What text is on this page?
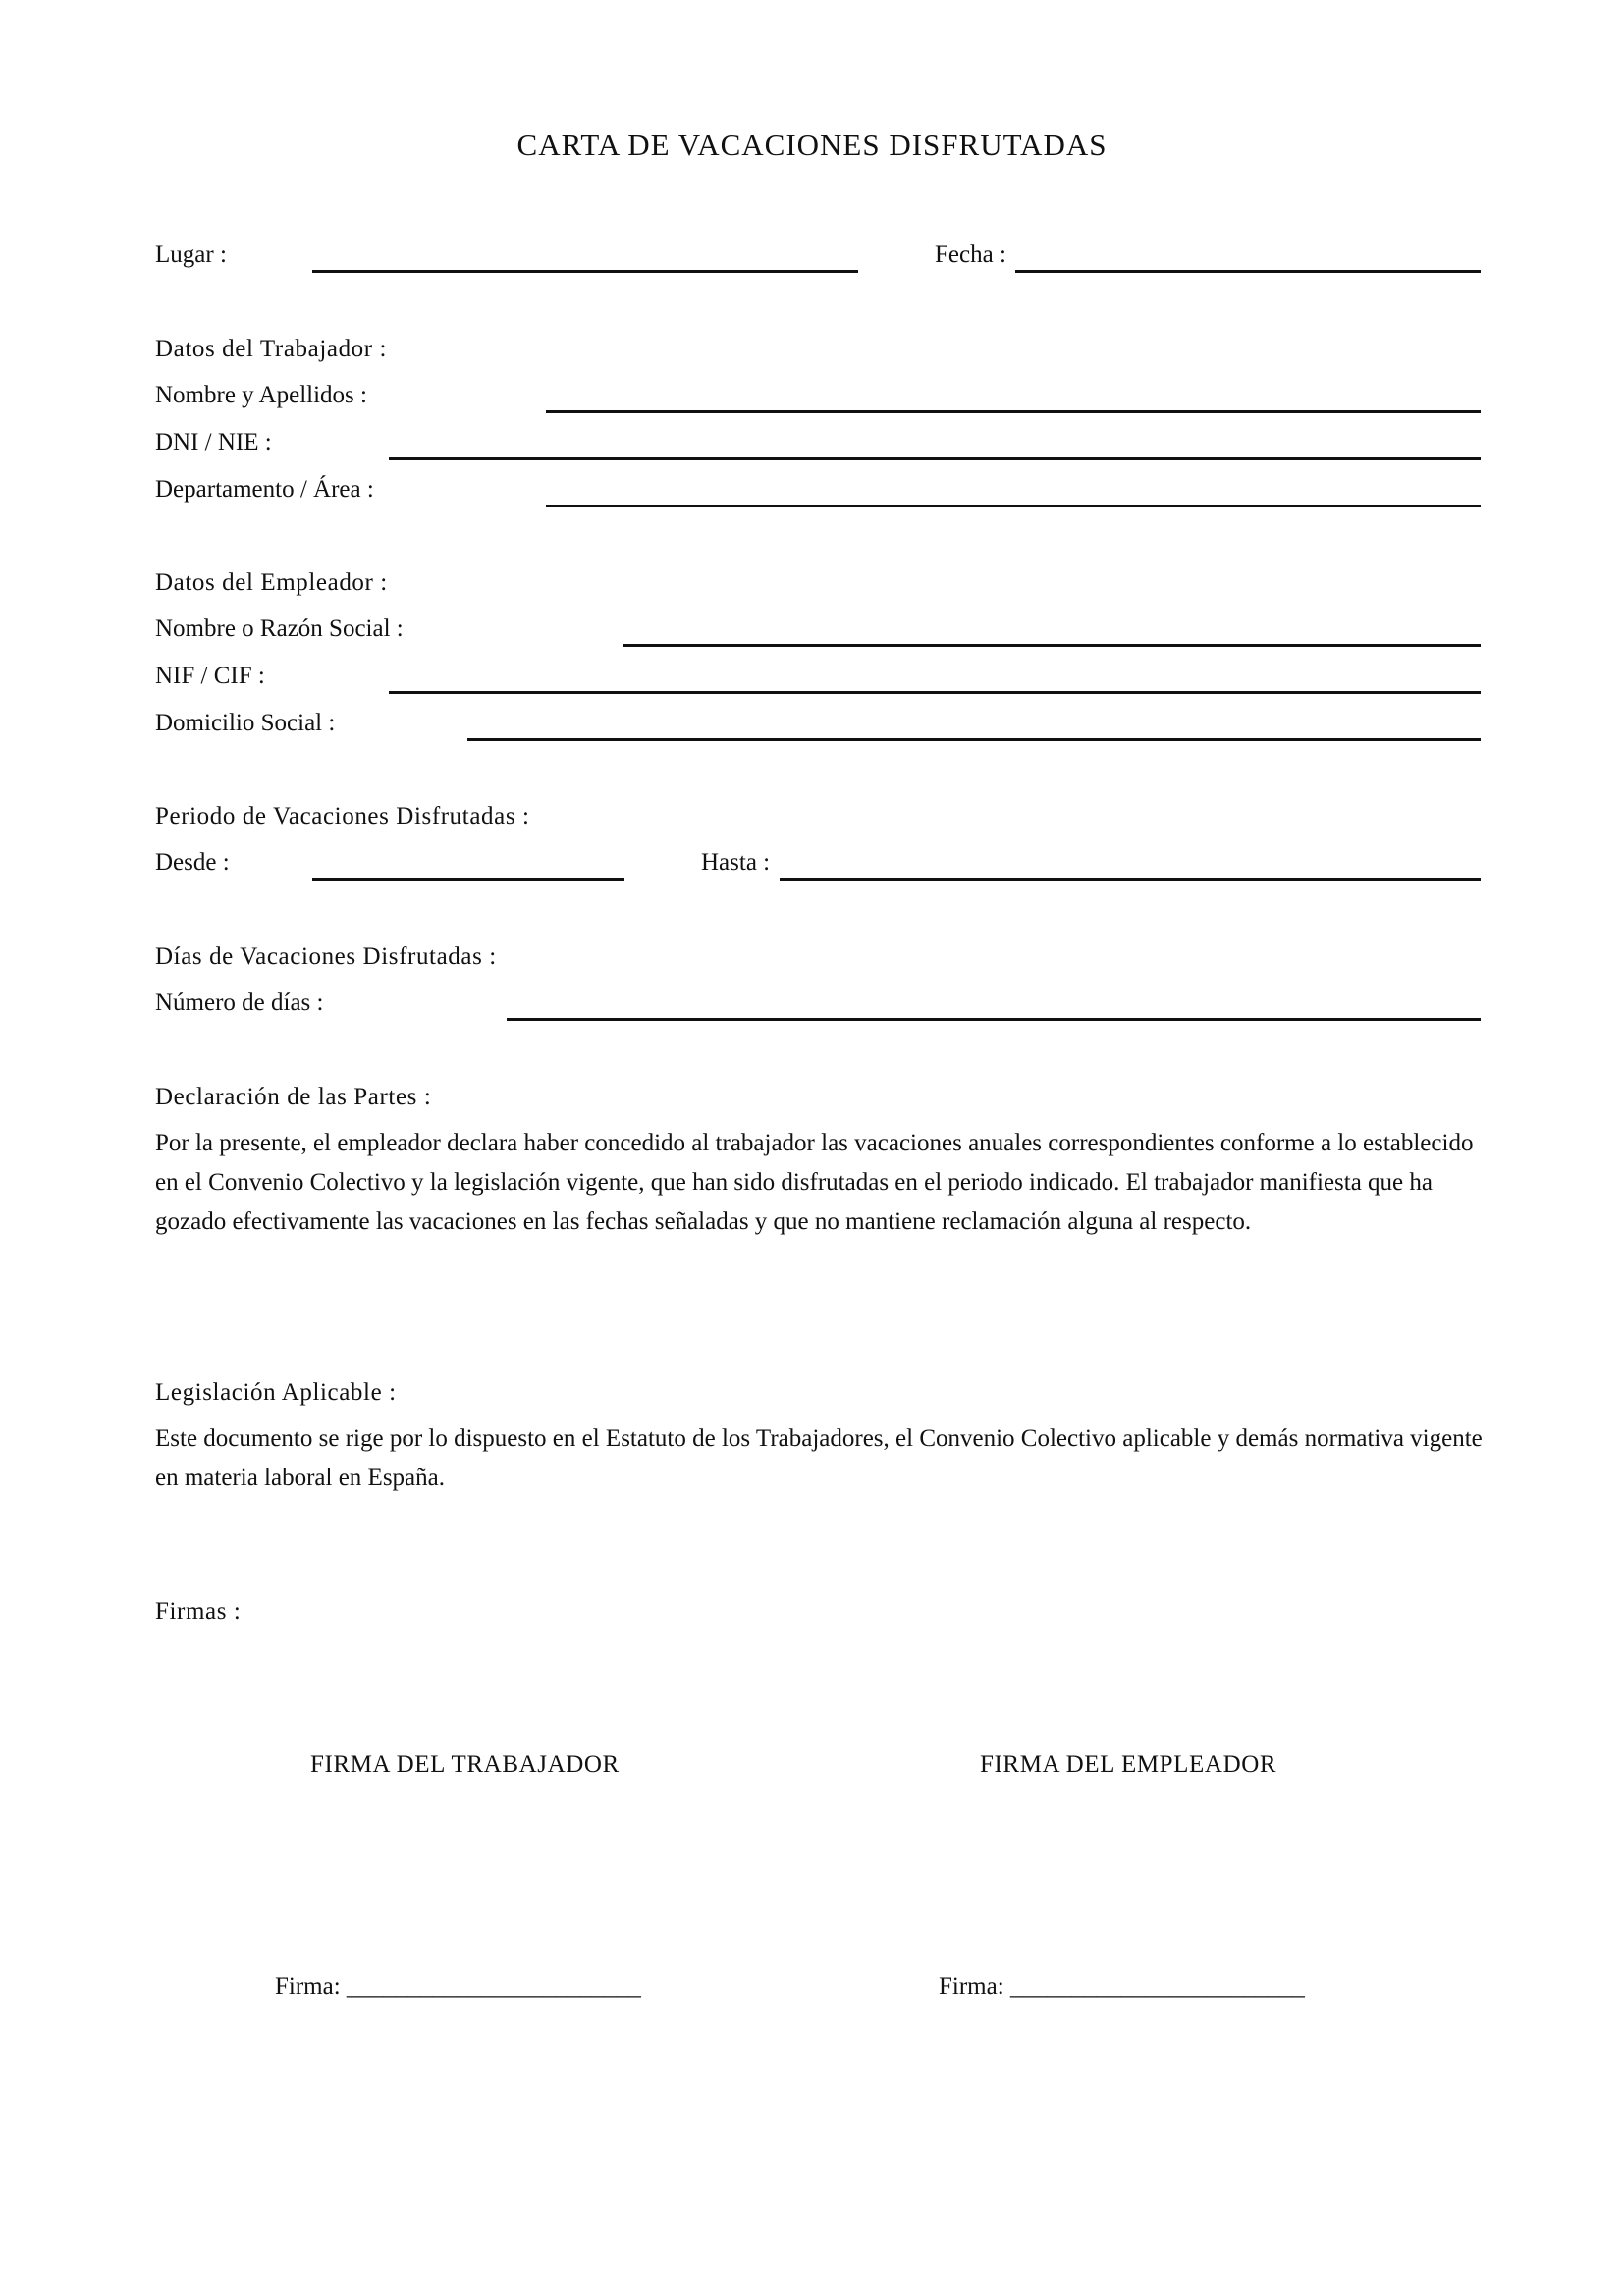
CARTA DE VACACIONES DISFRUTADAS
Lugar :	Fecha :
Datos del Trabajador :
Nombre y Apellidos :
DNI / NIE :
Departamento / Área :
Datos del Empleador :
Nombre o Razón Social :
NIF / CIF :
Domicilio Social :
Periodo de Vacaciones Disfrutadas :
Desde :	Hasta :
Días de Vacaciones Disfrutadas :
Número de días :
Declaración de las Partes :
Por la presente, el empleador declara haber concedido al trabajador las vacaciones anuales correspondientes conforme a lo establecido en el Convenio Colectivo y la legislación vigente, que han sido disfrutadas en el periodo indicado. El trabajador manifiesta que ha gozado efectivamente las vacaciones en las fechas señaladas y que no mantiene reclamación alguna al respecto.
Legislación Aplicable :
Este documento se rige por lo dispuesto en el Estatuto de los Trabajadores, el Convenio Colectivo aplicable y demás normativa vigente en materia laboral en España.
Firmas :
FIRMA DEL TRABAJADOR	FIRMA DEL EMPLEADOR
Firma: ________________________	Firma: ________________________
